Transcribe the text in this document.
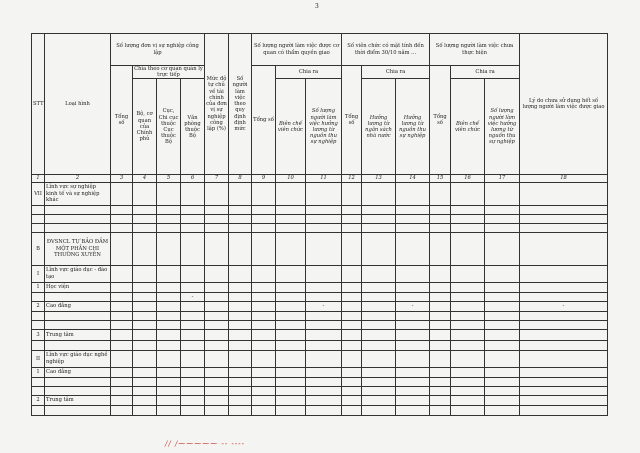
3
STT	Loại hình	Số lượng đơn vị sự nghiệp công lập				Mức độ tự chủ về tài chính của đơn vị sự nghiệp công lập (%)	Số người làm việc theo quy định định mức	Số lượng người làm việc được cơ quan có thẩm quyền giao			Số viên chức có mặt tính đến thời điểm 30/10 năm ...			Số lượng người làm việc chưa thực hiện			Lý do chưa sử dụng hết số lượng người làm việc được giao
		Tổng số	Chia theo cơ quan quản lý trực tiếp					Tổng số	Chia ra		Tổng số	Chia ra		Tổng số	Chia ra		
			Bộ, cơ quan của Chính phủ	Cục, Chi cục thuộc Cục thuộc Bộ	Văn phòng thuộc Bộ				Biên chế viên chức	Số lượng người làm việc hưởng lương từ nguồn thu sự nghiệp		Hưởng lương từ ngân sách nhà nước	Hưởng lương từ nguồn thu sự nghiệp		Biên chế viên chức	Số lượng người làm việc hưởng lương từ nguồn thu sự nghiệp	
1	2	3	4	5	6	7	8	9	10	11	12	13	14	15	16	17	18
VII	Lĩnh vực sự nghiệp kinh tế và sự nghiệp khác																

B	ĐVSNCL TỰ BẢO ĐẢM MỘT PHẦN CHI THƯỜNG XUYÊN																
I	Lĩnh vực giáo dục - đào tạo																
1	Học viện																
					-												
2	Cao đẳng									-			-				-

3	Trung tâm																

II	Lĩnh vực giáo dục nghề nghiệp																
1	Cao đẳng																

2	Trung tâm																

// /⁓⁓⁓⁓⁓ -- ----
